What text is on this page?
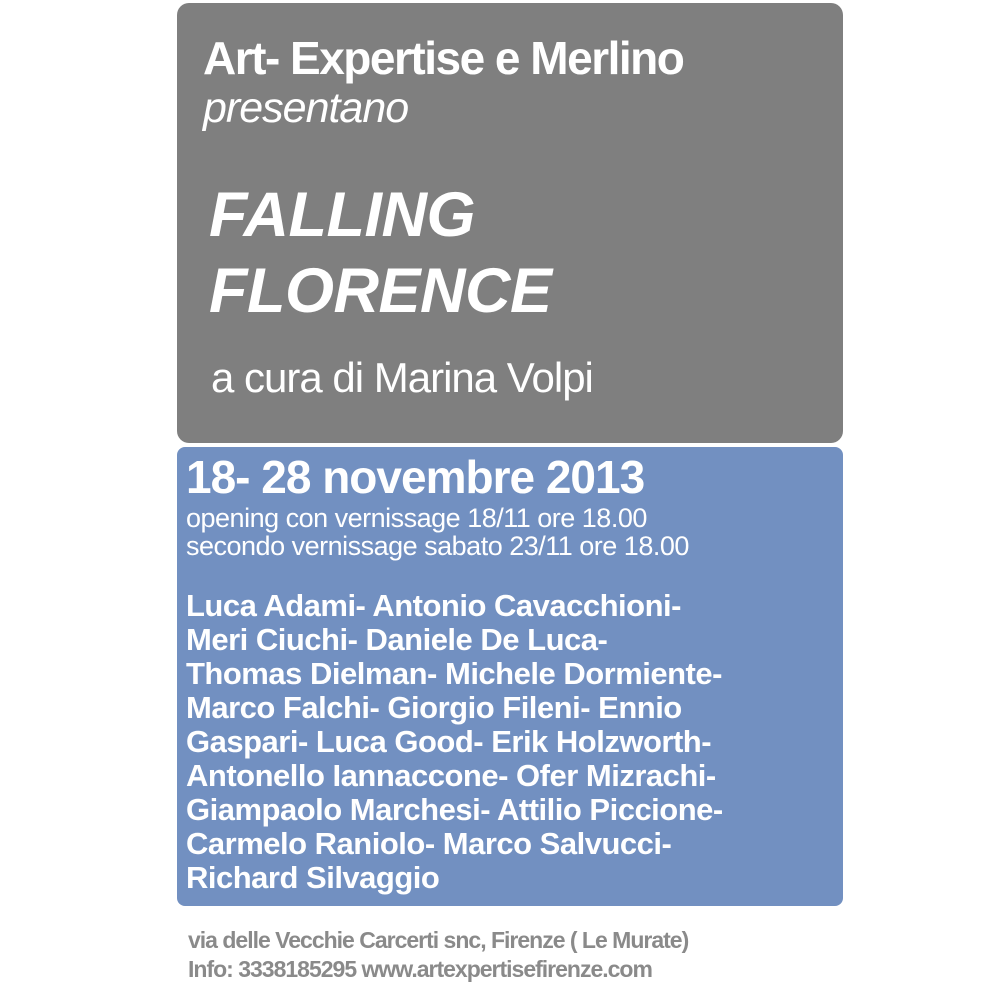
Art- Expertise e Merlino
presentano
FALLING
FLORENCE
a cura di Marina Volpi
18- 28 novembre 2013
opening con vernissage 18/11 ore 18.00
secondo vernissage sabato 23/11 ore 18.00
Luca Adami- Antonio Cavacchioni-
Meri Ciuchi- Daniele De Luca-
Thomas Dielman- Michele Dormiente-
Marco Falchi- Giorgio Fileni- Ennio
Gaspari- Luca Good- Erik Holzworth-
Antonello Iannaccone- Ofer Mizrachi-
Giampaolo Marchesi- Attilio Piccione-
Carmelo Raniolo- Marco Salvucci-
Richard Silvaggio
via delle Vecchie Carcerti snc, Firenze ( Le Murate)
Info: 3338185295 www.artexpertisefirenze.com
